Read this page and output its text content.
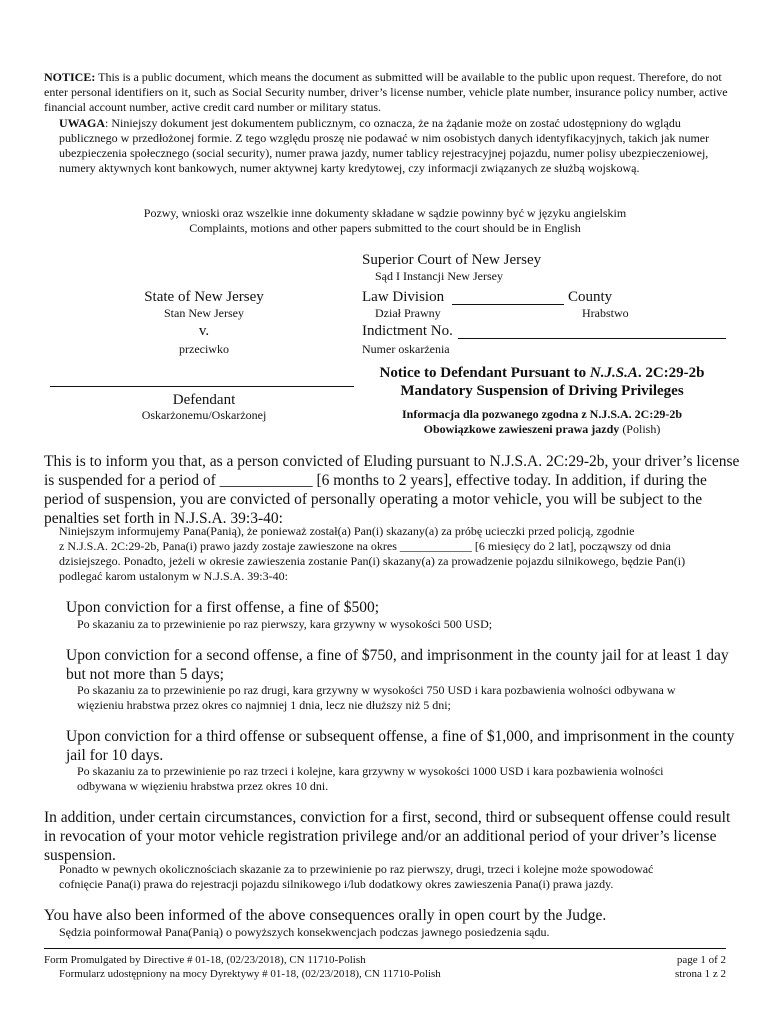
NOTICE: This is a public document, which means the document as submitted will be available to the public upon request. Therefore, do not enter personal identifiers on it, such as Social Security number, driver’s license number, vehicle plate number, insurance policy number, active financial account number, active credit card number or military status.
UWAGA: Niniejszy dokument jest dokumentem publicznym, co oznacza, że na żądanie może on zostać udostępniony do wglądu publicznego w przedłożonej formie. Z tego względu proszę nie podawać w nim osobistych danych identyfikacyjnych, takich jak numer ubezpieczenia społecznego (social security), numer prawa jazdy, numer tablicy rejestracyjnej pojazdu, numer polisy ubezpieczeniowej, numery aktywnych kont bankowych, numer aktywnej karty kredytowej, czy informacji związanych ze służbą wojskową.
Pozwy, wnioski oraz wszelkie inne dokumenty składane w sądzie powinny być w języku angielskim
Complaints, motions and other papers submitted to the court should be in English
Superior Court of New Jersey
Sąd I Instancji New Jersey
State of New Jersey
Stan New Jersey
v.
przeciwko
Law Division	County
Dział Prawny	Hrabstwo
Indictment No.
Numer oskarżenia
Defendant
Oskarżonemu/Oskarżonej
Notice to Defendant Pursuant to N.J.S.A. 2C:29-2b
Mandatory Suspension of Driving Privileges
Informacja dla pozwanego zgodna z N.J.S.A. 2C:29-2b
Obowiązkowe zawieszeni prawa jazdy (Polish)
This is to inform you that, as a person convicted of Eluding pursuant to N.J.S.A. 2C:29-2b, your driver’s license
is suspended for a period of ____________ [6 months to 2 years], effective today. In addition, if during the
period of suspension, you are convicted of personally operating a motor vehicle, you will be subject to the
penalties set forth in N.J.S.A. 39:3-40:
Niniejszym informujemy Pana(Panią), że ponieważ został(a) Pan(i) skazany(a) za próbę ucieczki przed policją, zgodnie
z N.J.S.A. 2C:29-2b, Pana(i) prawo jazdy zostaje zawieszone na okres ____________ [6 miesięcy do 2 lat], począwszy od dnia
dzisiejszego. Ponadto, jeżeli w okresie zawieszenia zostanie Pan(i) skazany(a) za prowadzenie pojazdu silnikowego, będzie Pan(i)
podlegać karom ustalonym w N.J.S.A. 39:3-40:
Upon conviction for a first offense, a fine of $500;
Po skazaniu za to przewinienie po raz pierwszy, kara grzywny w wysokości 500 USD;
Upon conviction for a second offense, a fine of $750, and imprisonment in the county jail for at least 1 day
but not more than 5 days;
Po skazaniu za to przewinienie po raz drugi, kara grzywny w wysokości 750 USD i kara pozbawienia wolności odbywana w
więzieniu hrabstwa przez okres co najmniej 1 dnia, lecz nie dłuższy niż 5 dni;
Upon conviction for a third offense or subsequent offense, a fine of $1,000, and imprisonment in the county
jail for 10 days.
Po skazaniu za to przewinienie po raz trzeci i kolejne, kara grzywny w wysokości 1000 USD i kara pozbawienia wolności
odbywana w więzieniu hrabstwa przez okres 10 dni.
In addition, under certain circumstances, conviction for a first, second, third or subsequent offense could result
in revocation of your motor vehicle registration privilege and/or an additional period of your driver’s license
suspension.
Ponadto w pewnych okolicznościach skazanie za to przewinienie po raz pierwszy, drugi, trzeci i kolejne może spowodować
cofnięcie Pana(i) prawa do rejestracji pojazdu silnikowego i/lub dodatkowy okres zawieszenia Pana(i) prawa jazdy.
You have also been informed of the above consequences orally in open court by the Judge.
Sędzia poinformował Pana(Panią) o powyższych konsekwencjach podczas jawnego posiedzenia sądu.
Form Promulgated by Directive # 01-18, (02/23/2018), CN 11710-Polish
Formularz udostępniony na mocy Dyrektywy # 01-18, (02/23/2018), CN 11710-Polish
page 1 of 2
strona 1 z 2
